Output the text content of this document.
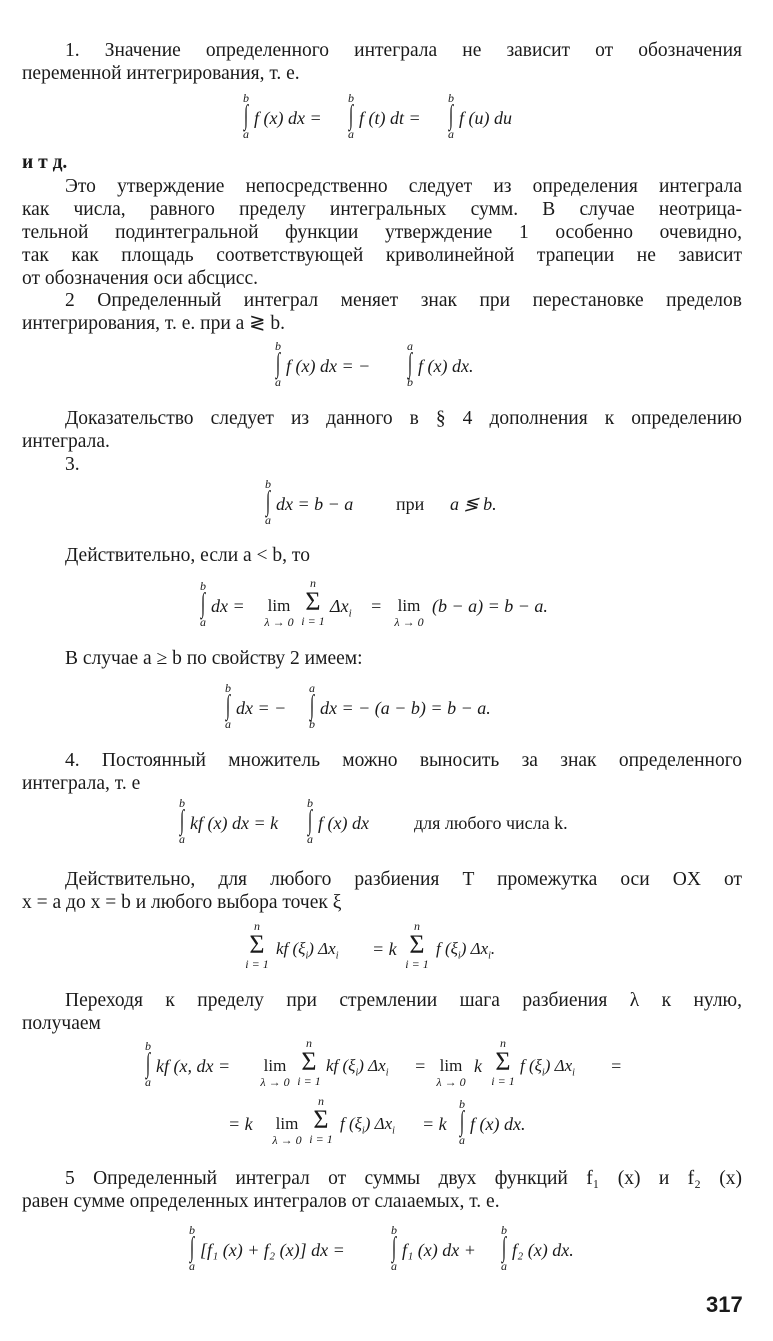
1. Значение определенного интеграла не зависит от обозначения
переменной интегрирования, т. е.
b
∫
a
f (x) dx =
b
∫
a
f (t) dt =
b
∫
a
f (u) du
и т д.
Это утверждение непосредственно следует из определения интеграла
как числа, равного пределу интегральных сумм. В случае неотрица-
тельной подинтегральной функции утверждение 1 особенно очевидно,
так как площадь соответствующей криволинейной трапеции не зависит
от обозначения оси абсцисс.
2 Определенный интеграл меняет знак при перестановке пределов
интегрирования, т. е. при a ≷ b.
b
∫
a
f (x) dx = −
a
∫
b
f (x) dx.
Доказательство следует из данного в § 4 дополнения к определению
интеграла.
3.
b
∫
a
dx = b − a при a ≶ b.
Действительно, если a < b, то
b
∫
a
dx =	lim
λ → 0
n
Σ
i = 1
$\Delta x_i = \lim$
λ → 0
(b − a) = b − a.
В случае a ≥ b по свойству 2 имеем:
b
∫
a
dx = −
a
∫
b
dx = − (a − b) = b − a.
4. Постоянный множитель можно выносить за знак определенного
интеграла, т. е
b
∫
a
kf (x) dx = k
b
∫
a
f (x) dx	для любого числа k.
Действительно, для любого разбиения T промежутка оси OX от
x = a до x = b и любого выбора точек ξ
n
Σ
i = 1
kf $(\xi_i) \Delta x_i = k$
n
Σ
i = 1
f $(\xi_i)$ $\Delta x_i$.
Переходя к пределу при стремлении шага разбиения λ к нулю,
получаем
b
∫
a
kf (x, dx =	lim
λ → 0
n
Σ
i = 1
kf $(\xi_i) \Delta x_i = \lim$
λ → 0
k
n
Σ
i = 1
f $(\xi_i) \Delta x_i$ =
= k	lim
λ → 0
n
Σ
i = 1
f $(\xi_i) \Delta x_i = k$
b
∫
a
f (x) dx.
5 Определенный интеграл от суммы двух функций f₁ (x) и f₂ (x)
равен сумме определенных интегралов от слаıаемых, т. е.
b
∫
a
[f₁ (x) + f₂ (x)] dx =
b
∫
a
f₁ (x) dx +
b
∫
a
f₂ (x) dx.
317
